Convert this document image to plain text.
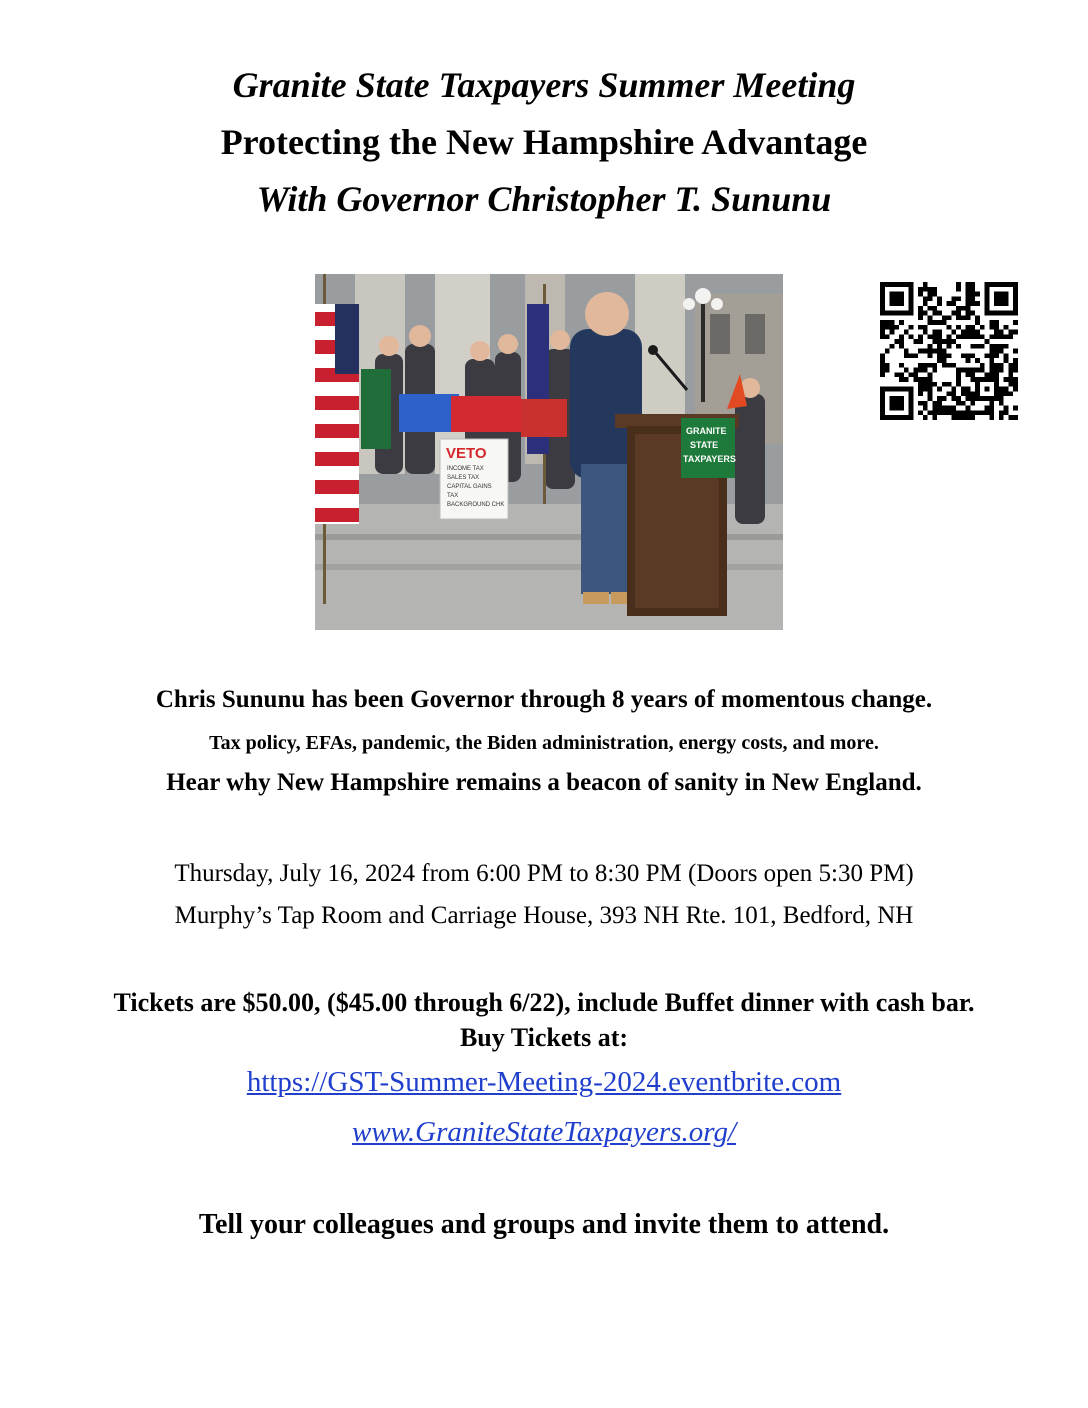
Granite State Taxpayers Summer Meeting
Protecting the New Hampshire Advantage
With Governor Christopher T. Sununu
VETO
INCOME TAX
SALES TAX
CAPITAL GAINS
TAX
BACKGROUND CHK
GRANITE
STATE
TAXPAYERS
Chris Sununu has been Governor through 8 years of momentous change.
Tax policy, EFAs, pandemic, the Biden administration, energy costs, and more.
Hear why New Hampshire remains a beacon of sanity in New England.
Thursday, July 16, 2024 from 6:00 PM to 8:30 PM (Doors open 5:30 PM)
Murphy’s Tap Room and Carriage House, 393 NH Rte. 101, Bedford, NH
Tickets are $50.00, ($45.00 through 6/22), include Buffet dinner with cash bar.
Buy Tickets at:
https://GST-Summer-Meeting-2024.eventbrite.com
www.GraniteStateTaxpayers.org/
Tell your colleagues and groups and invite them to attend.
